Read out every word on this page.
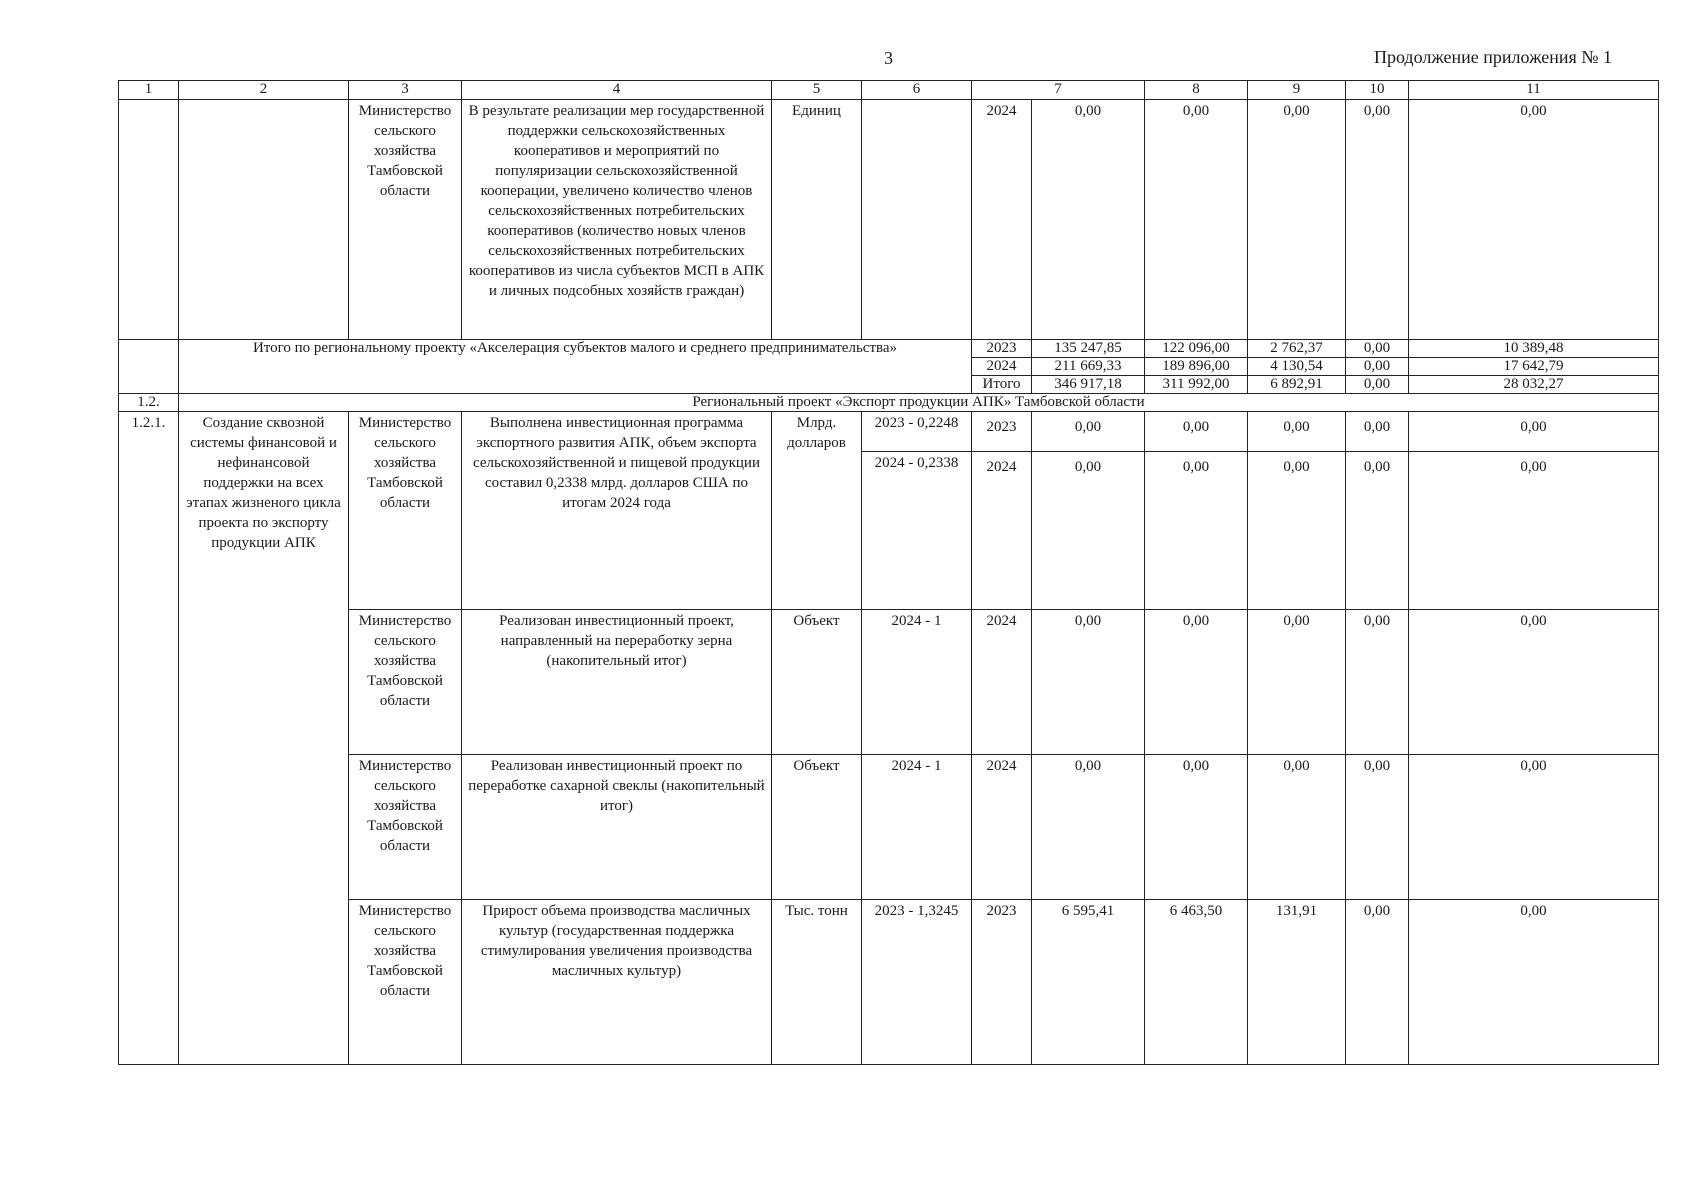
3	Продолжение приложения № 1
1	2	3	4	5	6	7		8	9	10	11
		Министерство сельского хозяйства Тамбовской области	В результате реализации мер государственной поддержки сельскохозяйственных кооперативов и мероприятий по популяризации сельскохозяйственной кооперации, увеличено количество членов сельскохозяйственных потребительских кооперативов (количество новых членов сельскохозяйственных потребительских кооперативов из числа субъектов МСП в АПК и личных подсобных хозяйств граждан)	Единиц		2024	0,00	0,00	0,00	0,00	0,00
	Итого по региональному проекту «Акселерация субъектов малого и среднего предпринимательства»					2023	135 247,85	122 096,00	2 762,37	0,00	10 389,48
						2024	211 669,33	189 896,00	4 130,54	0,00	17 642,79
						Итого	346 917,18	311 992,00	6 892,91	0,00	28 032,27
1.2.	Региональный проект «Экспорт продукции АПК» Тамбовской области										
1.2.1.	Создание сквозной системы финансовой и нефинансовой поддержки на всех этапах жизненого цикла проекта по экспорту продукции АПК	Министерство сельского хозяйства Тамбовской области	Выполнена инвестиционная программа экспортного развития АПК, объем экспорта сельскохозяйственной и пищевой продукции составил 0,2338 млрд. долларов США по итогам 2024 года	Млрд. долларов	2023 - 0,2248	2023	0,00	0,00	0,00	0,00	0,00

					2024 - 0,2338	2024	0,00	0,00	0,00	0,00	0,00

		Министерство сельского хозяйства Тамбовской области	Реализован инвестиционный проект, направленный на переработку зерна (накопительный итог)	Объект	2024 - 1	2024	0,00	0,00	0,00	0,00	0,00
		Министерство сельского хозяйства Тамбовской области	Реализован инвестиционный проект по переработке сахарной свеклы (накопительный итог)	Объект	2024 - 1	2024	0,00	0,00	0,00	0,00	0,00
		Министерство сельского хозяйства Тамбовской области	Прирост объема производства масличных культур (государственная поддержка стимулирования увеличения производства масличных культур)	Тыс. тонн	2023 - 1,3245	2023	6 595,41	6 463,50	131,91	0,00	0,00
